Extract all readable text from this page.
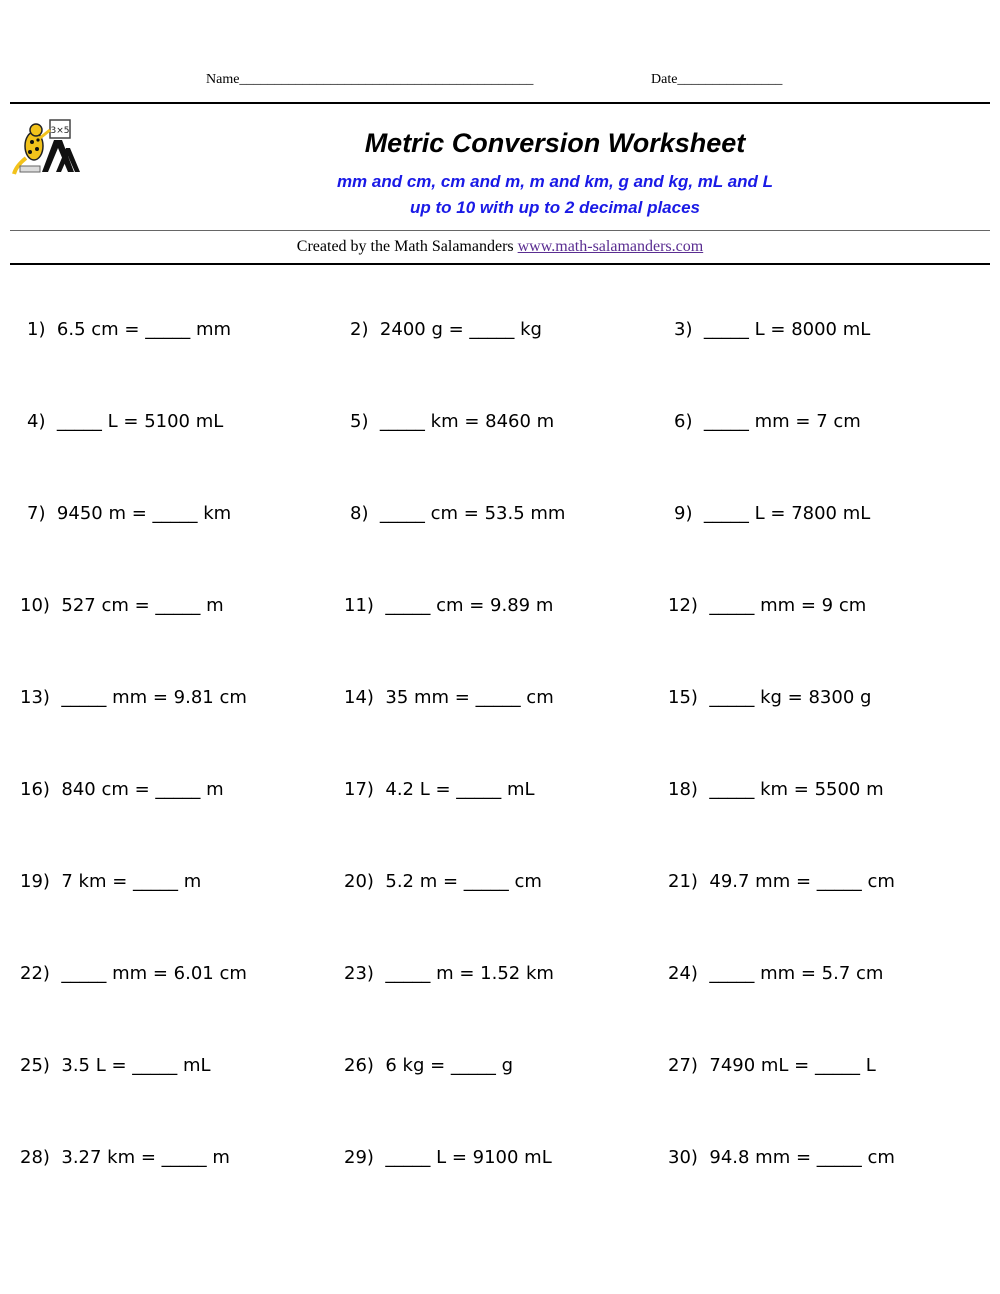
Name__________________________________________	Date_______________
3×5	Metric Conversion Worksheet
mm and cm, cm and m, m and km, g and kg, mL and L
up to 10 with up to 2 decimal places
Created by the Math Salamanders www.math-salamanders.com
1)  6.5 cm = _____ mm	2)  2400 g = _____ kg	3)  _____ L = 8000 mL
4)  _____ L = 5100 mL	5)  _____ km = 8460 m	6)  _____ mm = 7 cm
7)  9450 m = _____ km	8)  _____ cm = 53.5 mm	9)  _____ L = 7800 mL
10)  527 cm = _____ m	11)  _____ cm = 9.89 m	12)  _____ mm = 9 cm
13)  _____ mm = 9.81 cm	14)  35 mm = _____ cm	15)  _____ kg = 8300 g
16)  840 cm = _____ m	17)  4.2 L = _____ mL	18)  _____ km = 5500 m
19)  7 km = _____ m	20)  5.2 m = _____ cm	21)  49.7 mm = _____ cm
22)  _____ mm = 6.01 cm	23)  _____ m = 1.52 km	24)  _____ mm = 5.7 cm
25)  3.5 L = _____ mL	26)  6 kg = _____ g	27)  7490 mL = _____ L
28)  3.27 km = _____ m	29)  _____ L = 9100 mL	30)  94.8 mm = _____ cm
